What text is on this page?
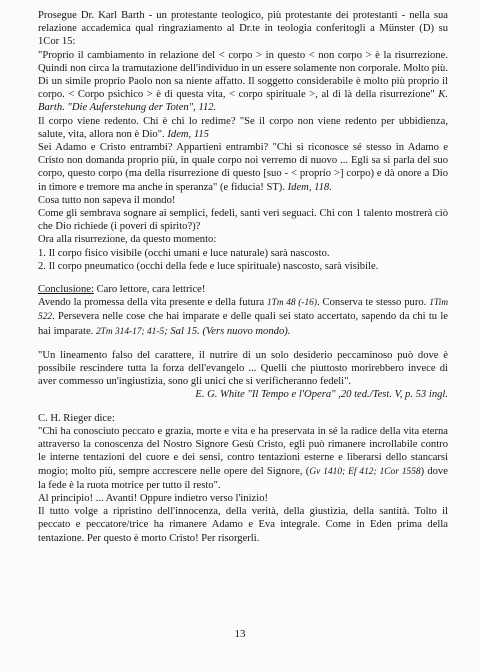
Prosegue Dr. Karl Barth - un protestante teologico, più protestante dei protestanti - nella sua relazione accademica qual ringraziamento al Dr.te in teologia conferitogli a Münster (D) su 1Cor 15:

"Proprio il cambiamento in relazione del < corpo > in questo < non corpo > è la risurrezione. Quindi non circa la tramutazione dell'individuo in un essere solamente non corporale. Molto più. Di un simile proprio Paolo non sa niente affatto. Il soggetto considerabile è molto più proprio il corpo. < Corpo psichico > è di questa vita, < corpo spirituale >, al di là della risurrezione" K. Barth. "Die Auferstehung der Toten", 112.

Il corpo viene redento. Chi è chi lo redime? "Se il corpo non viene redento per ubbidienza, salute, vita, allora non è Dio". Idem, 115

Sei Adamo e Cristo entrambi? Appartieni entrambi? "Chi si riconosce sé stesso in Adamo e Cristo non domanda proprio più, in quale corpo noi verremo di nuovo ... Egli sa si parla del suo corpo, questo corpo (ma della risurrezione di questo [suo - < proprio >] corpo) e dà onore a Dio in timore e tremore ma anche in speranza" (e fiducia! ST). Idem, 118.

Cosa tutto non sapeva il mondo!

Come gli sembrava sognare ai semplici, fedeli, santi veri seguaci. Chi con 1 talento mostrerà ciò che Dio richiede (i poveri di spirito?)?

Ora alla risurrezione, da questo momento:

1. Il corpo fisico visibile (occhi umani e luce naturale) sarà nascosto.

2. Il corpo pneumatico (occhi della fede e luce spirituale) nascosto, sarà visibile.

Conclusione: Caro lettore, cara lettrice!

Avendo la promessa della vita presente e della futura 1Tm 48 (-16). Conserva te stesso puro. 1Tim 522. Persevera nelle cose che hai imparate e delle quali sei stato accertato, sapendo da chi tu le hai imparate. 2Tm 314-17; 41-5; Sal 15. (Vers nuovo mondo).

"Un lineamento falso del carattere, il nutrire di un solo desiderio peccaminoso può dove è possibile rescindere tutta la forza dell'evangelo ... Quelli che piuttosto morirebbero invece di aver commesso un'ingiustizia, sono gli unici che si verificheranno fedeli".

E. G. White "Il Tempo e l'Opera" ,20 ted./Test. V, p. 53 ingl.

C. H. Rieger dice:

"Chi ha conosciuto peccato e grazia, morte e vita e ha preservata in sé la radice della vita eterna attraverso la conoscenza del Nostro Signore Gesù Cristo, egli può rimanere incrollabile contro le interne tentazioni del cuore e dei sensi, contro tentazioni esterne e liberarsi dello stancarsi mogio; molto più, sempre accrescere nelle opere del Signore, (Gv 1410; Ef 412; 1Cor 1558) dove la fede è la ruota motrice per tutto il resto".

Al principio! ... Avanti! Oppure indietro verso l'inizio!

Il tutto volge a ripristino dell'innocenza, della verità, della giustizia, della santità. Tolto il peccato e peccatore/trice ha rimanere Adamo e Eva integrale. Come in Eden prima della tentazione. Per questo è morto Cristo! Per risorgerli.

13
